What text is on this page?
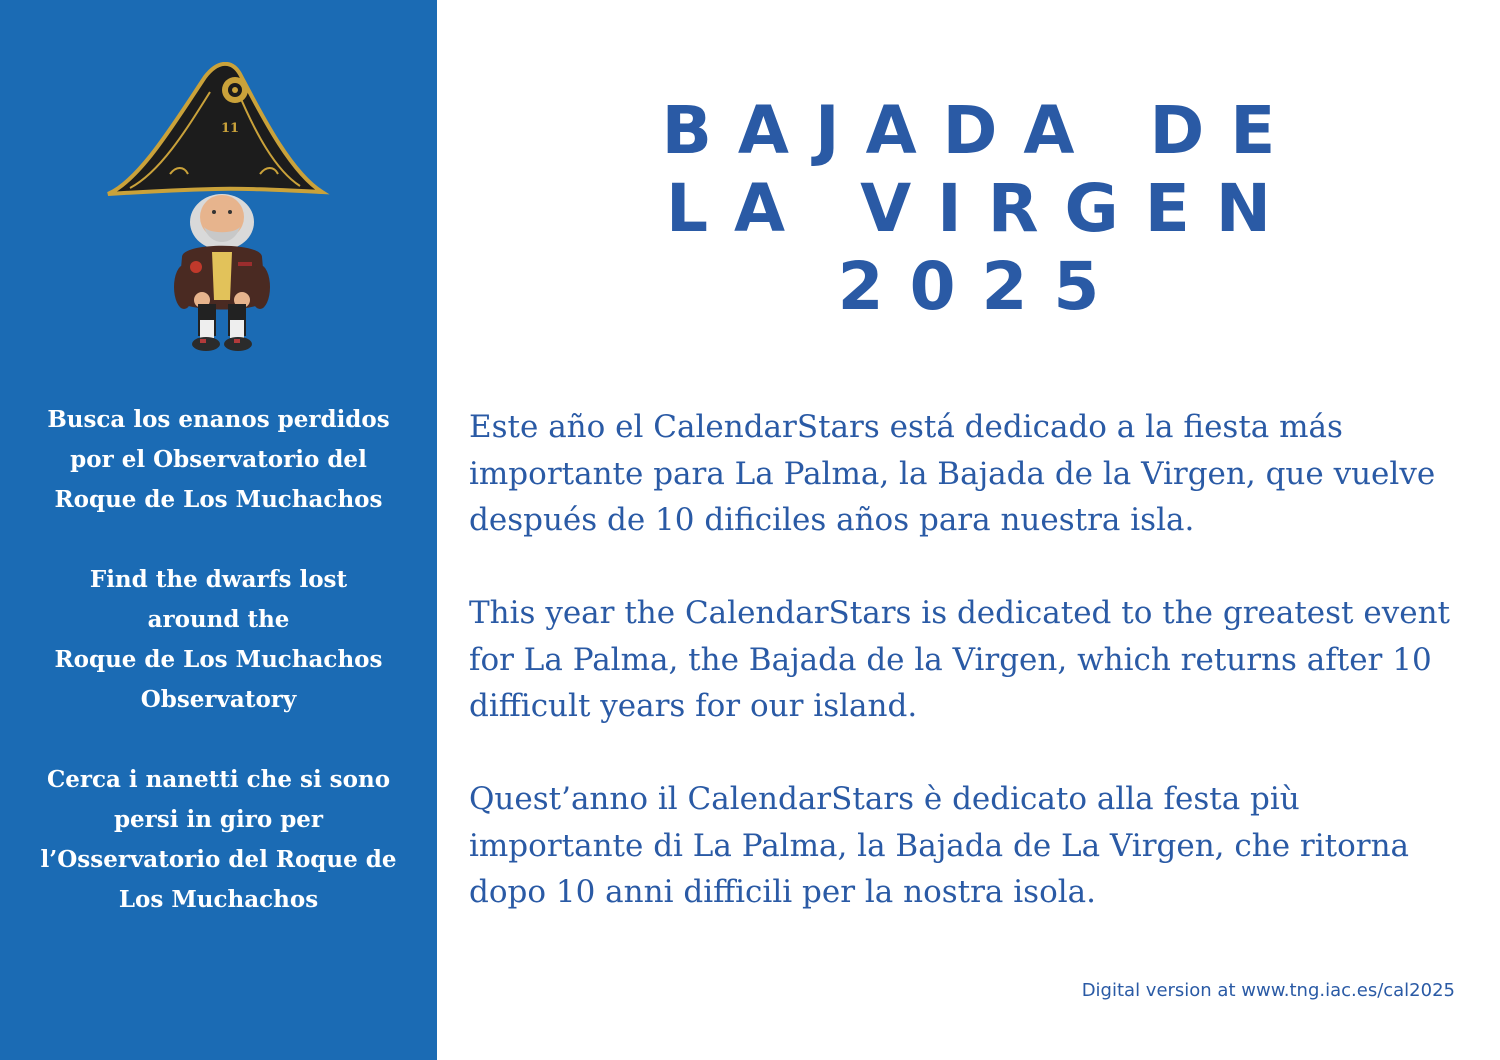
11

Busca los enanos perdidos
por el Observatorio del
Roque de Los Muchachos

Find the dwarfs lost
around the
Roque de Los Muchachos
Observatory

Cerca i nanetti che si sono
persi in giro per
l’Osservatorio del Roque de
Los Muchachos

BAJADA DE
LA VIRGEN
2025

Este año el CalendarStars está dedicado a la fiesta más importante para La Palma, la Bajada de la Virgen, que vuelve después de 10 dificiles años para nuestra isla.

This year the CalendarStars is dedicated to the greatest event for La Palma, the Bajada de la Virgen, which returns after 10 difficult years for our island.

Quest’anno il CalendarStars è dedicato alla festa più importante di La Palma, la Bajada de La Virgen, che ritorna dopo 10 anni difficili per la nostra isola.

Digital version at www.tng.iac.es/cal2025
